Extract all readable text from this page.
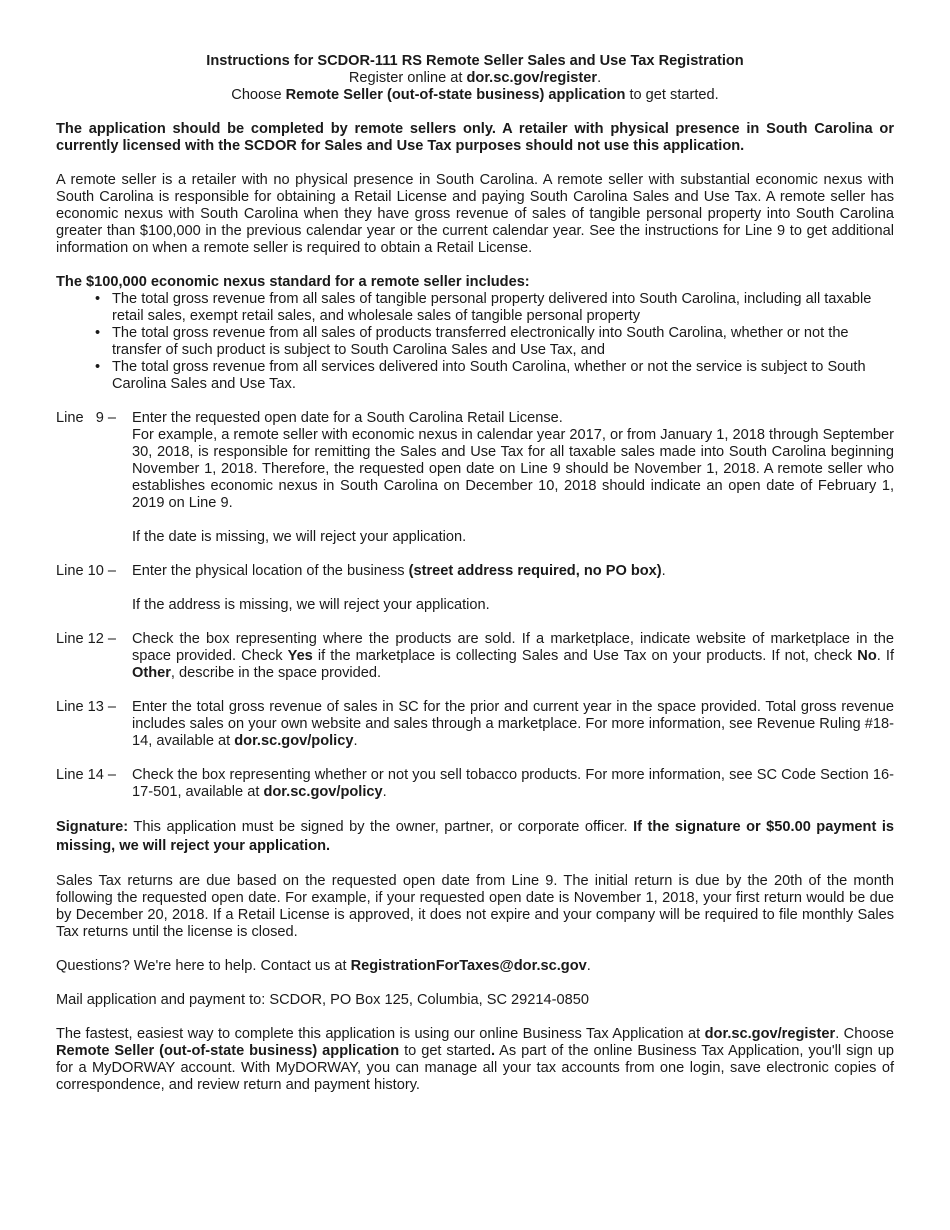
Instructions for SCDOR-111 RS Remote Seller Sales and Use Tax Registration

Register online at dor.sc.gov/register.

Choose Remote Seller (out-of-state business) application to get started.

The application should be completed by remote sellers only. A retailer with physical presence in South Carolina or currently licensed with the SCDOR for Sales and Use Tax purposes should not use this application.

A remote seller is a retailer with no physical presence in South Carolina. A remote seller with substantial economic nexus with South Carolina is responsible for obtaining a Retail License and paying South Carolina Sales and Use Tax. A remote seller has economic nexus with South Carolina when they have gross revenue of sales of tangible personal property into South Carolina greater than $100,000 in the previous calendar year or the current calendar year. See the instructions for Line 9 to get additional information on when a remote seller is required to obtain a Retail License.

The $100,000 economic nexus standard for a remote seller includes:

• The total gross revenue from all sales of tangible personal property delivered into South Carolina, including all taxable retail sales, exempt retail sales, and wholesale sales of tangible personal property
• The total gross revenue from all sales of products transferred electronically into South Carolina, whether or not the transfer of such product is subject to South Carolina Sales and Use Tax, and
• The total gross revenue from all services delivered into South Carolina, whether or not the service is subject to South Carolina Sales and Use Tax.
Line   9 –	Enter the requested open date for a South Carolina Retail License.

For example, a remote seller with economic nexus in calendar year 2017, or from January 1, 2018 through September 30, 2018, is responsible for remitting the Sales and Use Tax for all taxable sales made into South Carolina beginning November 1, 2018. Therefore, the requested open date on Line 9 should be November 1, 2018. A remote seller who establishes economic nexus in South Carolina on December 10, 2018 should indicate an open date of February 1, 2019 on Line 9.

If the date is missing, we will reject your application.

Line 10 –	Enter the physical location of the business (street address required, no PO box).

If the address is missing, we will reject your application.

Line 12 –	Check the box representing where the products are sold. If a marketplace, indicate website of marketplace in the space provided. Check Yes if the marketplace is collecting Sales and Use Tax on your products. If not, check No. If Other, describe in the space provided.
Line 13 –	Enter the total gross revenue of sales in SC for the prior and current year in the space provided. Total gross revenue includes sales on your own website and sales through a marketplace. For more information, see Revenue Ruling #18-14, available at dor.sc.gov/policy.
Line 14 –	Check the box representing whether or not you sell tobacco products. For more information, see SC Code Section 16-17-501, available at dor.sc.gov/policy.

Signature: This application must be signed by the owner, partner, or corporate officer. If the signature or $50.00 payment is missing, we will reject your application.

Sales Tax returns are due based on the requested open date from Line 9. The initial return is due by the 20th of the month following the requested open date. For example, if your requested open date is November 1, 2018, your first return would be due by December 20, 2018. If a Retail License is approved, it does not expire and your company will be required to file monthly Sales Tax returns until the license is closed.

Questions? We're here to help. Contact us at RegistrationForTaxes@dor.sc.gov.

Mail application and payment to: SCDOR, PO Box 125, Columbia, SC 29214-0850

The fastest, easiest way to complete this application is using our online Business Tax Application at dor.sc.gov/register. Choose Remote Seller (out-of-state business) application to get started. As part of the online Business Tax Application, you'll sign up for a MyDORWAY account. With MyDORWAY, you can manage all your tax accounts from one login, save electronic copies of correspondence, and review return and payment history.
